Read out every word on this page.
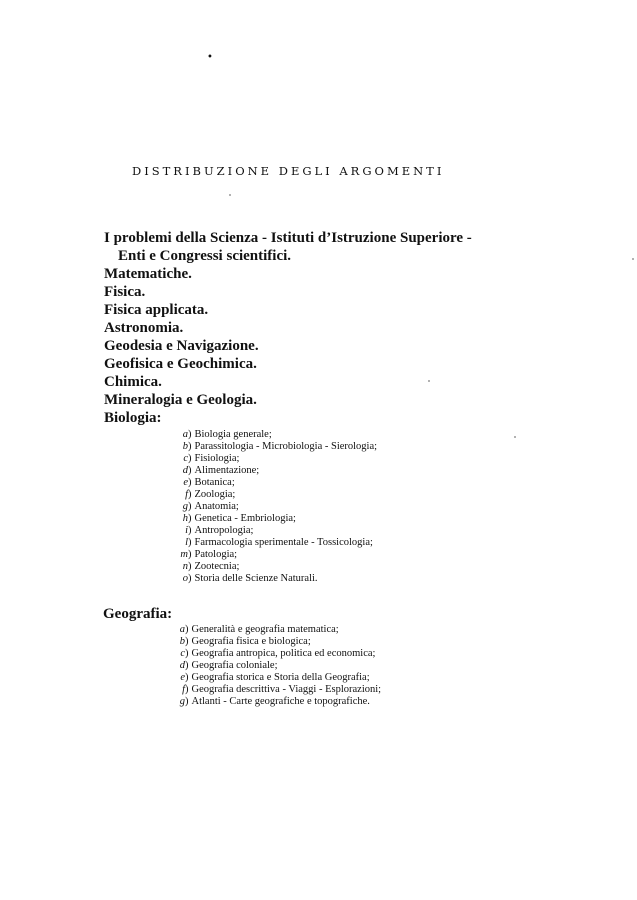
•
DISTRIBUZIONE DEGLI ARGOMENTI
I problemi della Scienza - Istituti d’Istruzione Superiore -
Enti e Congressi scientifici.
Matematiche.
Fisica.
Fisica applicata.
Astronomia.
Geodesia e Navigazione.
Geofisica e Geochimica.
Chimica.
Mineralogia e Geologia.
Biologia:
a) Biologia generale;
b) Parassitologia - Microbiologia - Sierologia;
c) Fisiologia;
d) Alimentazione;
e) Botanica;
f) Zoologia;
g) Anatomia;
h) Genetica - Embriologia;
i) Antropologia;
l) Farmacologia sperimentale - Tossicologia;
m) Patologia;
n) Zootecnia;
o) Storia delle Scienze Naturali.
Geografia:
a) Generalità e geografia matematica;
b) Geografia fisica e biologica;
c) Geografia antropica, politica ed economica;
d) Geografia coloniale;
e) Geografia storica e Storia della Geografia;
f) Geografia descrittiva - Viaggi - Esplorazioni;
g) Atlanti - Carte geografiche e topografiche.
